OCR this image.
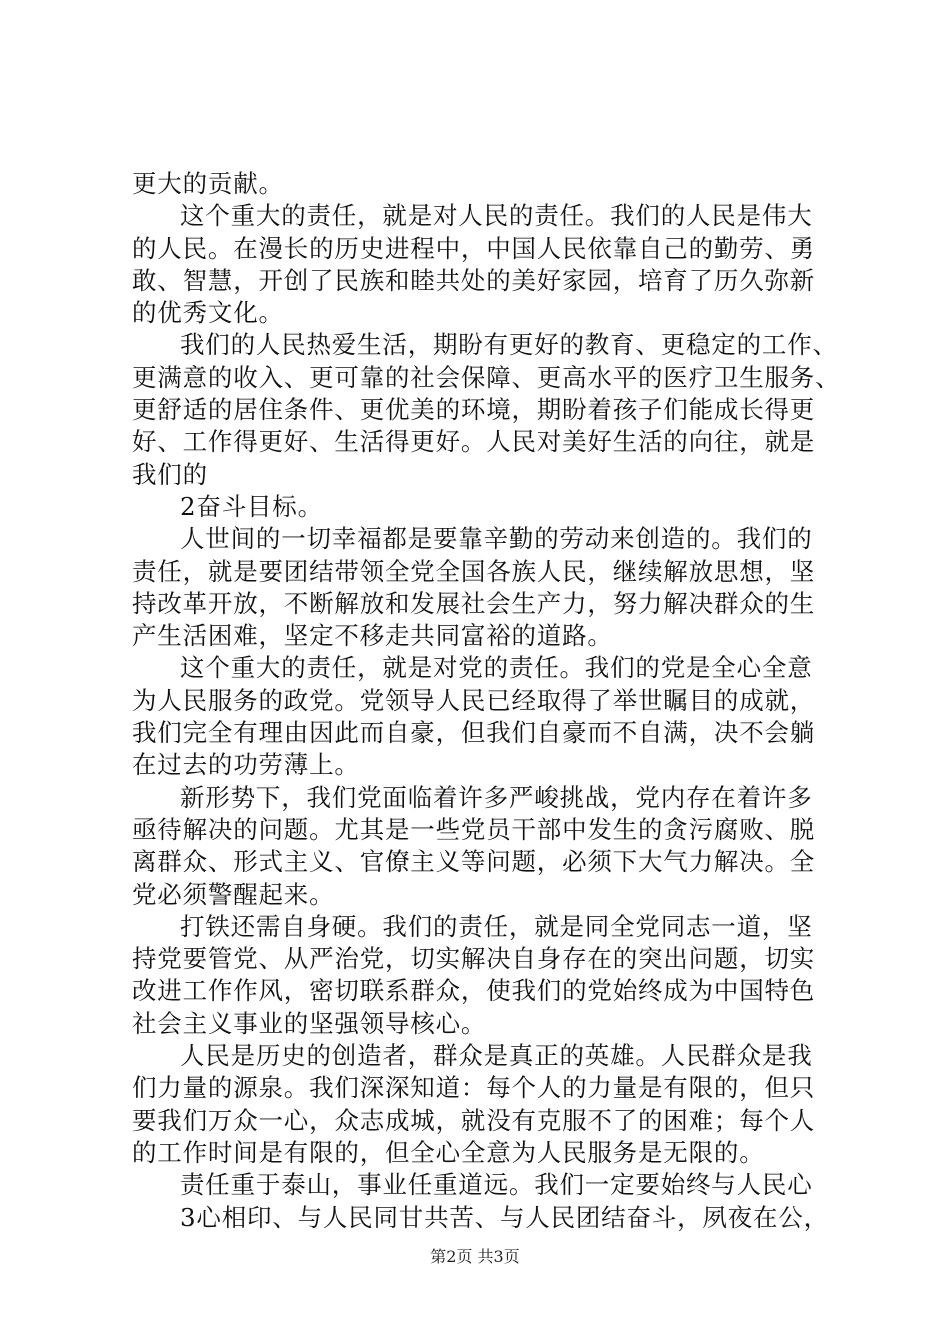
更大的贡献。
这个重大的责任，就是对人民的责任。我们的人民是伟大
的人民。在漫长的历史进程中，中国人民依靠自己的勤劳、勇
敢、智慧，开创了民族和睦共处的美好家园，培育了历久弥新
的优秀文化。
我们的人民热爱生活，期盼有更好的教育、更稳定的工作、
更满意的收入、更可靠的社会保障、更高水平的医疗卫生服务、
更舒适的居住条件、更优美的环境，期盼着孩子们能成长得更
好、工作得更好、生活得更好。人民对美好生活的向往，就是
我们的
2奋斗目标。
人世间的一切幸福都是要靠辛勤的劳动来创造的。我们的
责任，就是要团结带领全党全国各族人民，继续解放思想，坚
持改革开放，不断解放和发展社会生产力，努力解决群众的生
产生活困难，坚定不移走共同富裕的道路。
这个重大的责任，就是对党的责任。我们的党是全心全意
为人民服务的政党。党领导人民已经取得了举世瞩目的成就，
我们完全有理由因此而自豪，但我们自豪而不自满，决不会躺
在过去的功劳薄上。
新形势下，我们党面临着许多严峻挑战，党内存在着许多
亟待解决的问题。尤其是一些党员干部中发生的贪污腐败、脱
离群众、形式主义、官僚主义等问题，必须下大气力解决。全
党必须警醒起来。
打铁还需自身硬。我们的责任，就是同全党同志一道，坚
持党要管党、从严治党，切实解决自身存在的突出问题，切实
改进工作作风，密切联系群众，使我们的党始终成为中国特色
社会主义事业的坚强领导核心。
人民是历史的创造者，群众是真正的英雄。人民群众是我
们力量的源泉。我们深深知道：每个人的力量是有限的，但只
要我们万众一心，众志成城，就没有克服不了的困难；每个人
的工作时间是有限的，但全心全意为人民服务是无限的。
责任重于泰山，事业任重道远。我们一定要始终与人民心
3心相印、与人民同甘共苦、与人民团结奋斗，夙夜在公，
第2页 共3页
